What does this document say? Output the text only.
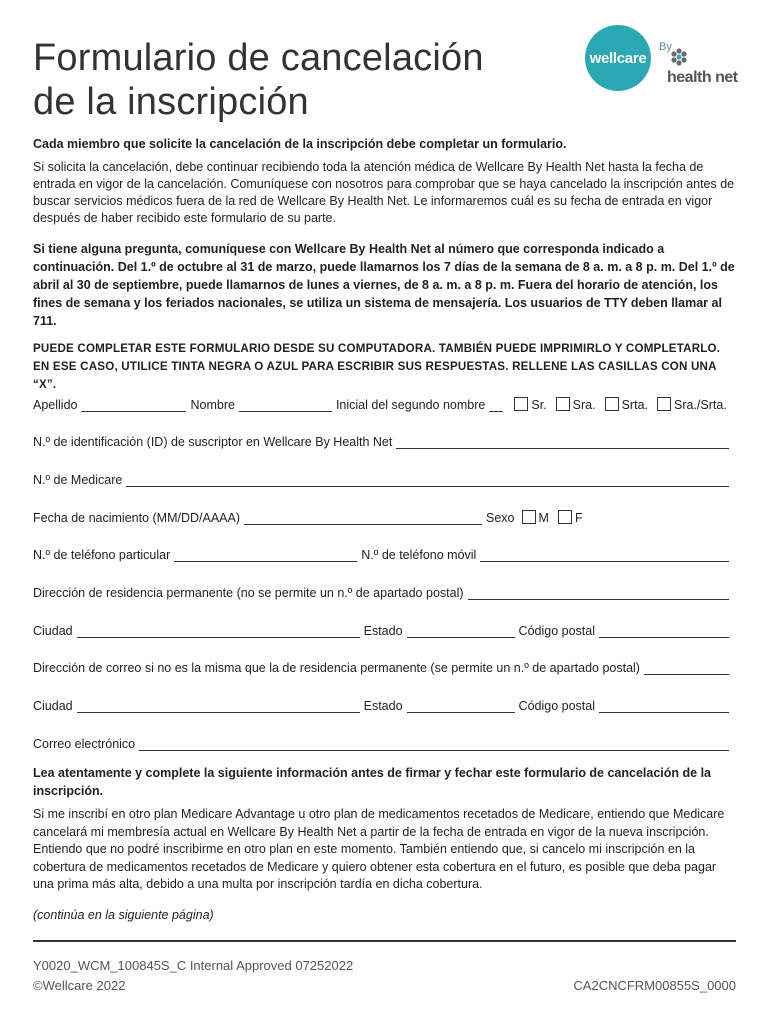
Formulario de cancelación
de la inscripción
wellcare
By
health net
Cada miembro que solicite la cancelación de la inscripción debe completar un formulario.
Si solicita la cancelación, debe continuar recibiendo toda la atención médica de Wellcare By Health Net hasta la fecha de entrada en vigor de la cancelación. Comuníquese con nosotros para comprobar que se haya cancelado la inscripción antes de buscar servicios médicos fuera de la red de Wellcare By Health Net. Le informaremos cuál es su fecha de entrada en vigor después de haber recibido este formulario de su parte.
Si tiene alguna pregunta, comuníquese con Wellcare By Health Net al número que corresponda indicado a continuación. Del 1.º de octubre al 31 de marzo, puede llamarnos los 7 días de la semana de 8 a. m. a 8 p. m. Del 1.º de abril al 30 de septiembre, puede llamarnos de lunes a viernes, de 8 a. m. a 8 p. m. Fuera del horario de atención, los fines de semana y los feriados nacionales, se utiliza un sistema de mensajería. Los usuarios de TTY deben llamar al 711.
PUEDE COMPLETAR ESTE FORMULARIO DESDE SU COMPUTADORA. TAMBIÉN PUEDE IMPRIMIRLO Y COMPLETARLO. EN ESE CASO, UTILICE TINTA NEGRA O AZUL PARA ESCRIBIR SUS RESPUESTAS. RELLENE LAS CASILLAS CON UNA “X”.
Apellido	Nombre	Inicial del segundo nombre	Sr. Sra. Srta. Sra./Srta.
N.º de identificación (ID) de suscriptor en Wellcare By Health Net
N.º de Medicare
Fecha de nacimiento (MM/DD/AAAA)	Sexo M F
N.º de teléfono particular	N.º de teléfono móvil
Dirección de residencia permanente (no se permite un n.º de apartado postal)
Ciudad	Estado	Código postal
Dirección de correo si no es la misma que la de residencia permanente (se permite un n.º de apartado postal)
Ciudad	Estado	Código postal
Correo electrónico
Lea atentamente y complete la siguiente información antes de firmar y fechar este formulario de cancelación de la inscripción.
Si me inscribí en otro plan Medicare Advantage u otro plan de medicamentos recetados de Medicare, entiendo que Medicare cancelará mi membresía actual en Wellcare By Health Net a partir de la fecha de entrada en vigor de la nueva inscripción. Entiendo que no podré inscribirme en otro plan en este momento. También entiendo que, si cancelo mi inscripción en la cobertura de medicamentos recetados de Medicare y quiero obtener esta cobertura en el futuro, es posible que deba pagar una prima más alta, debido a una multa por inscripción tardía en dicha cobertura.
(continúa en la siguiente página)
Y0020_WCM_100845S_C Internal Approved 07252022
©Wellcare 2022	CA2CNCFRM00855S_0000
